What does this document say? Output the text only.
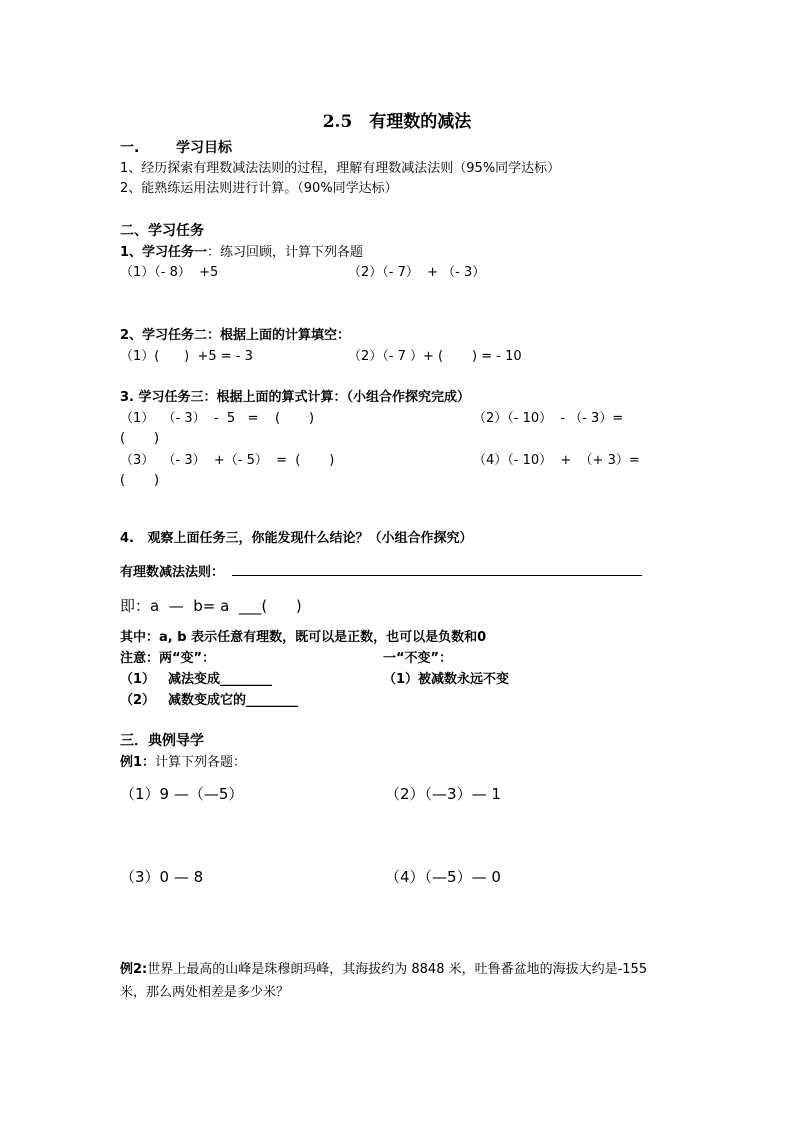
2.5　有理数的减法
一.	学习目标
1、经历探索有理数减法法则的过程，理解有理数减法法则（95%同学达标）
2、能熟练运用法则进行计算。（90%同学达标）
二、学习任务
1、学习任务一：练习回顾，计算下列各题
（1）（- 8）  +5	（2）（- 7）  + （- 3）
2、学习任务二：根据上面的计算填空：
（1）(      )  +5 = - 3	（2）（- 7 ）+ (       ) = - 10
3. 学习任务三：根据上面的算式计算：（小组合作探究完成）
（1）  （- 3）  -  5   =    (       )	（2）（- 10）  - （- 3）=
(       )
（3）  （- 3）  +（- 5）  =  (       )	（4）（- 10）  +  （+ 3）=
(       )
4.   观察上面任务三，你能发现什么结论？（小组合作探究）
有理数减法法则：
即：a  —  b= a  ___(      )
其中：a, b 表示任意有理数，既可以是正数，也可以是负数和0
注意：两“变”：	一“不变”：
（1） 减法变成________	（1）被减数永远不变
（2） 减数变成它的________
三．典例导学
例1：计算下列各题：
（1）9 —（—5）	（2）（—3）— 1
（3）0 — 8	（4）（—5）— 0
例2:世界上最高的山峰是珠穆朗玛峰，其海拔约为 8848 米，吐鲁番盆地的海拔大约是-155
米，那么两处相差是多少米？
